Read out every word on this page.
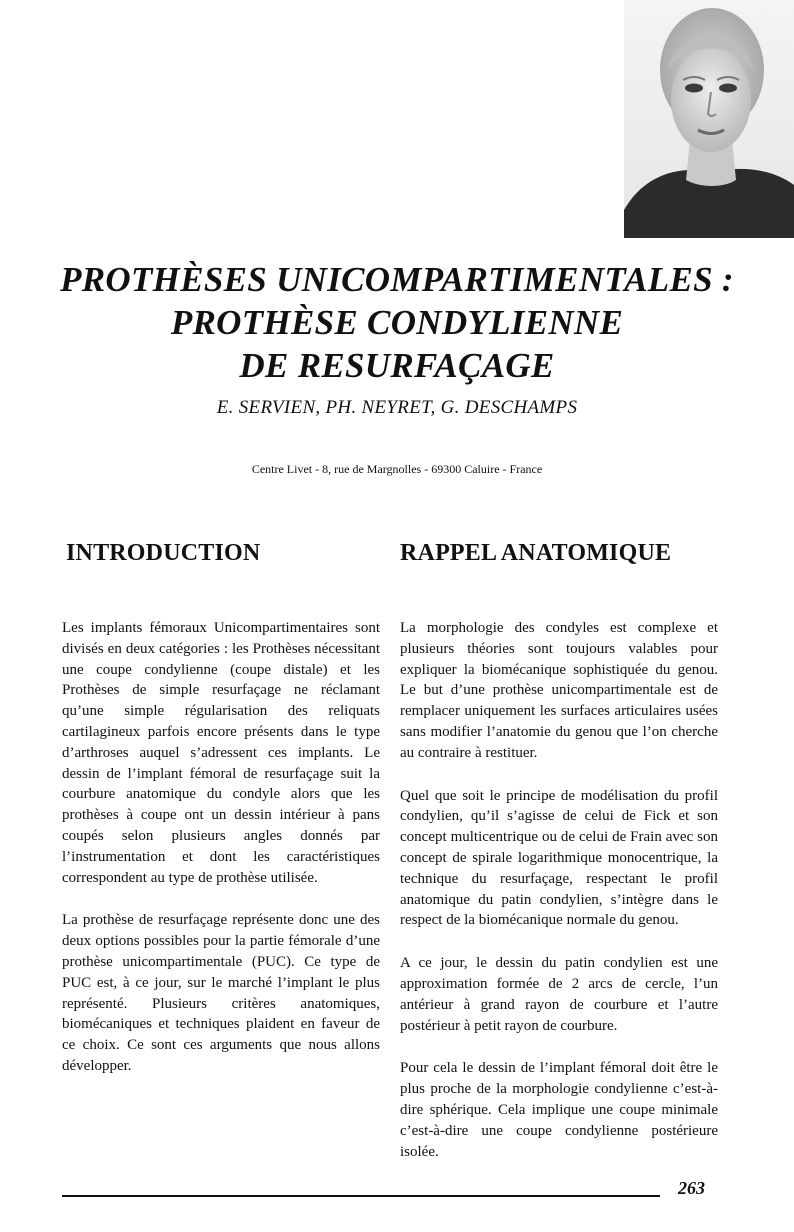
PROTHÈSES UNICOMPARTIMENTALES :
PROTHÈSE CONDYLIENNE
DE RESURFAÇAGE
E. SERVIEN, PH. NEYRET, G. DESCHAMPS
Centre Livet - 8, rue de Margnolles - 69300 Caluire - France
INTRODUCTION

Les implants fémoraux Unicompartimentaires sont divisés en deux catégories : les Prothèses nécessitant une coupe condylienne (coupe distale) et les Prothèses de simple resurfaçage ne réclamant qu’une simple régularisation des reliquats cartilagineux parfois encore présents dans le type d’arthroses auquel s’adressent ces implants. Le dessin de l’implant fémoral de resurfaçage suit la courbure anatomique du condyle alors que les prothèses à coupe ont un dessin intérieur à pans coupés selon plusieurs angles donnés par l’instrumentation et dont les caractéristiques correspondent au type de prothèse utilisée.

La prothèse de resurfaçage représente donc une des deux options possibles pour la partie fémorale d’une prothèse unicompartimentale (PUC). Ce type de PUC est, à ce jour, sur le marché l’implant le plus représenté. Plusieurs critères anatomiques, biomécaniques et techniques plaident en faveur de ce choix. Ce sont ces arguments que nous allons développer.

RAPPEL ANATOMIQUE

La morphologie des condyles est complexe et plusieurs théories sont toujours valables pour expliquer la biomécanique sophistiquée du genou. Le but d’une prothèse unicompartimentale est de remplacer uniquement les surfaces articulaires usées sans modifier l’anatomie du genou que l’on cherche au contraire à restituer.

Quel que soit le principe de modélisation du profil condylien, qu’il s’agisse de celui de Fick et son concept multicentrique ou de celui de Frain avec son concept de spirale logarithmique monocentrique, la technique du resurfaçage, respectant le profil anatomique du patin condylien, s’intègre dans le respect de la biomécanique normale du genou.

A ce jour, le dessin du patin condylien est une approximation formée de 2 arcs de cercle, l’un antérieur à grand rayon de courbure et l’autre postérieur à petit rayon de courbure.

Pour cela le dessin de l’implant fémoral doit être le plus proche de la morphologie condylienne c’est-à-dire sphérique. Cela implique une coupe minimale c’est-à-dire une coupe condylienne postérieure isolée.

263
